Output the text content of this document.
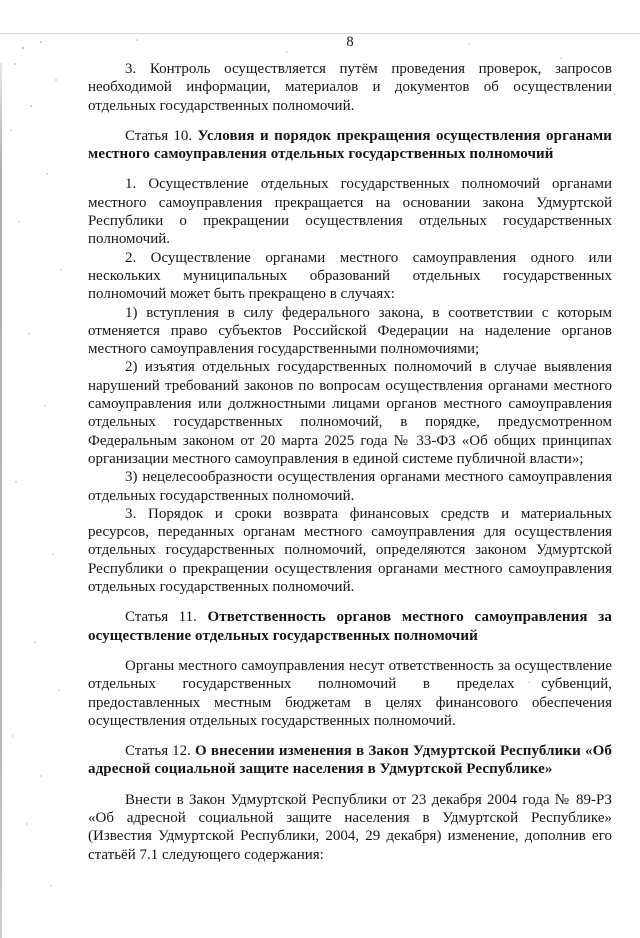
8

3. Контроль осуществляется путём проведения проверок, запросов необходимой информации, материалов и документов об осуществлении отдельных государственных полномочий.

Статья 10. Условия и порядок прекращения осуществления органами местного самоуправления отдельных государственных полномочий

1. Осуществление отдельных государственных полномочий органами местного самоуправления прекращается на основании закона Удмуртской Республики о прекращении осуществления отдельных государственных полномочий.

2. Осуществление органами местного самоуправления одного или нескольких муниципальных образований отдельных государственных полномочий может быть прекращено в случаях:

1) вступления в силу федерального закона, в соответствии с которым отменяется право субъектов Российской Федерации на наделение органов местного самоуправления государственными полномочиями;

2) изъятия отдельных государственных полномочий в случае выявления нарушений требований законов по вопросам осуществления органами местного самоуправления или должностными лицами органов местного самоуправления отдельных государственных полномочий, в порядке, предусмотренном Федеральным законом от 20 марта 2025 года № 33-ФЗ «Об общих принципах организации местного самоуправления в единой системе публичной власти»;

3) нецелесообразности осуществления органами местного самоуправления отдельных государственных полномочий.

3. Порядок и сроки возврата финансовых средств и материальных ресурсов, переданных органам местного самоуправления для осуществления отдельных государственных полномочий, определяются законом Удмуртской Республики о прекращении осуществления органами местного самоуправления отдельных государственных полномочий.

Статья 11. Ответственность органов местного самоуправления за осуществление отдельных государственных полномочий

Органы местного самоуправления несут ответственность за осуществление отдельных государственных полномочий в пределах субвенций, предоставленных местным бюджетам в целях финансового обеспечения осуществления отдельных государственных полномочий.

Статья 12. О внесении изменения в Закон Удмуртской Республики «Об адресной социальной защите населения в Удмуртской Республике»

Внести в Закон Удмуртской Республики от 23 декабря 2004 года № 89-РЗ «Об адресной социальной защите населения в Удмуртской Республике» (Известия Удмуртской Республики, 2004, 29 декабря) изменение, дополнив его статьёй 7.1 следующего содержания:
